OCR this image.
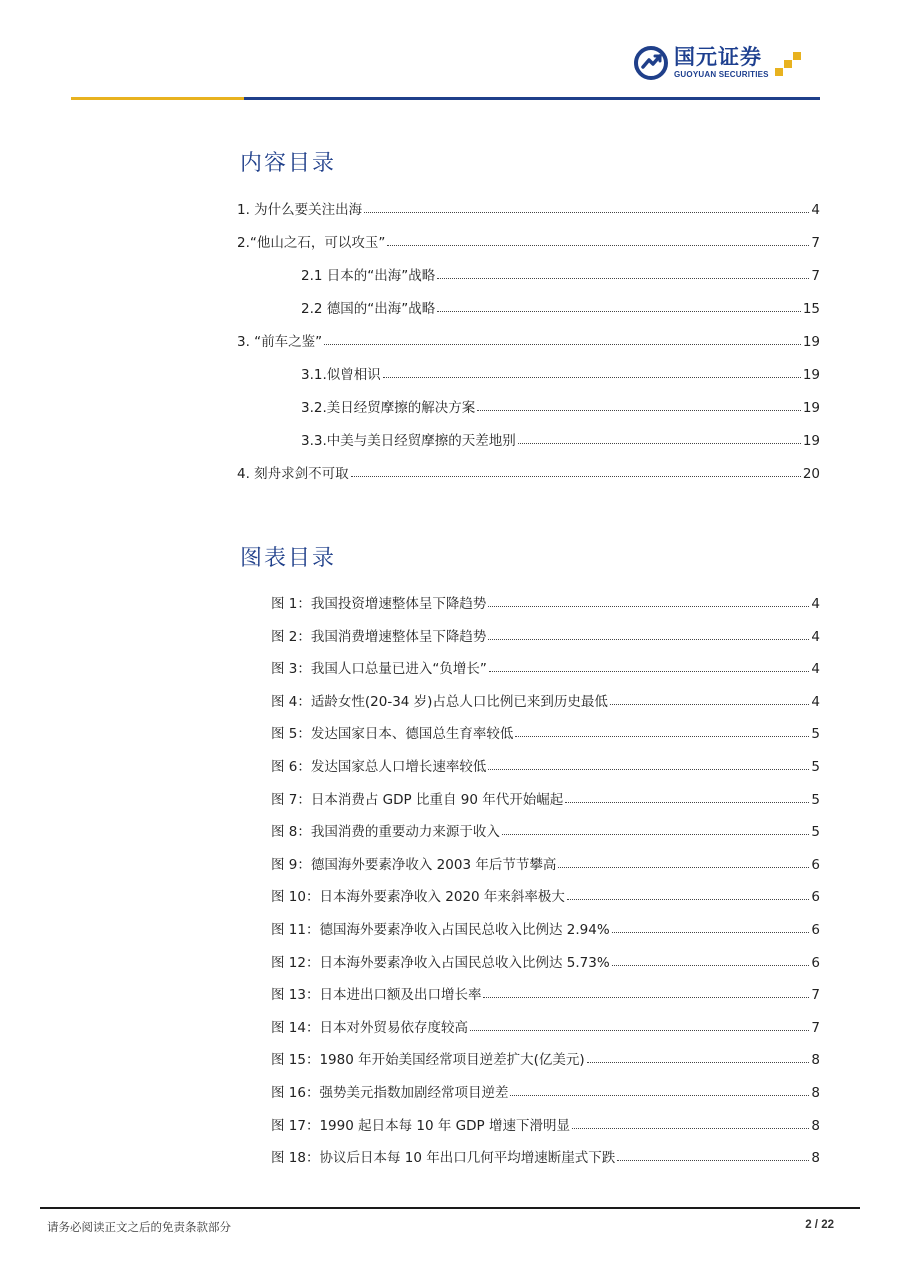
国元证券
GUOYUAN SECURITIES
内容目录
1. 为什么要关注出海	4
2.“他山之石，可以攻玉”	7
2.1 日本的“出海”战略	7
2.2 德国的“出海”战略	15
3. “前车之鉴”	19
3.1.似曾相识	19
3.2.美日经贸摩擦的解决方案	19
3.3.中美与美日经贸摩擦的天差地别	19
4. 刻舟求剑不可取	20
图表目录
图 1：我国投资增速整体呈下降趋势	4
图 2：我国消费增速整体呈下降趋势	4
图 3：我国人口总量已进入“负增长”	4
图 4：适龄女性(20-34 岁)占总人口比例已来到历史最低	4
图 5：发达国家日本、德国总生育率较低	5
图 6：发达国家总人口增长速率较低	5
图 7：日本消费占 GDP 比重自 90 年代开始崛起	5
图 8：我国消费的重要动力来源于收入	5
图 9：德国海外要素净收入 2003 年后节节攀高	6
图 10：日本海外要素净收入 2020 年来斜率极大	6
图 11：德国海外要素净收入占国民总收入比例达 2.94%	6
图 12：日本海外要素净收入占国民总收入比例达 5.73%	6
图 13：日本进出口额及出口增长率	7
图 14：日本对外贸易依存度较高	7
图 15：1980 年开始美国经常项目逆差扩大(亿美元)	8
图 16：强势美元指数加剧经常项目逆差	8
图 17：1990 起日本每 10 年 GDP 增速下滑明显	8
图 18：协议后日本每 10 年出口几何平均增速断崖式下跌	8
请务必阅读正文之后的免责条款部分	2 / 22
